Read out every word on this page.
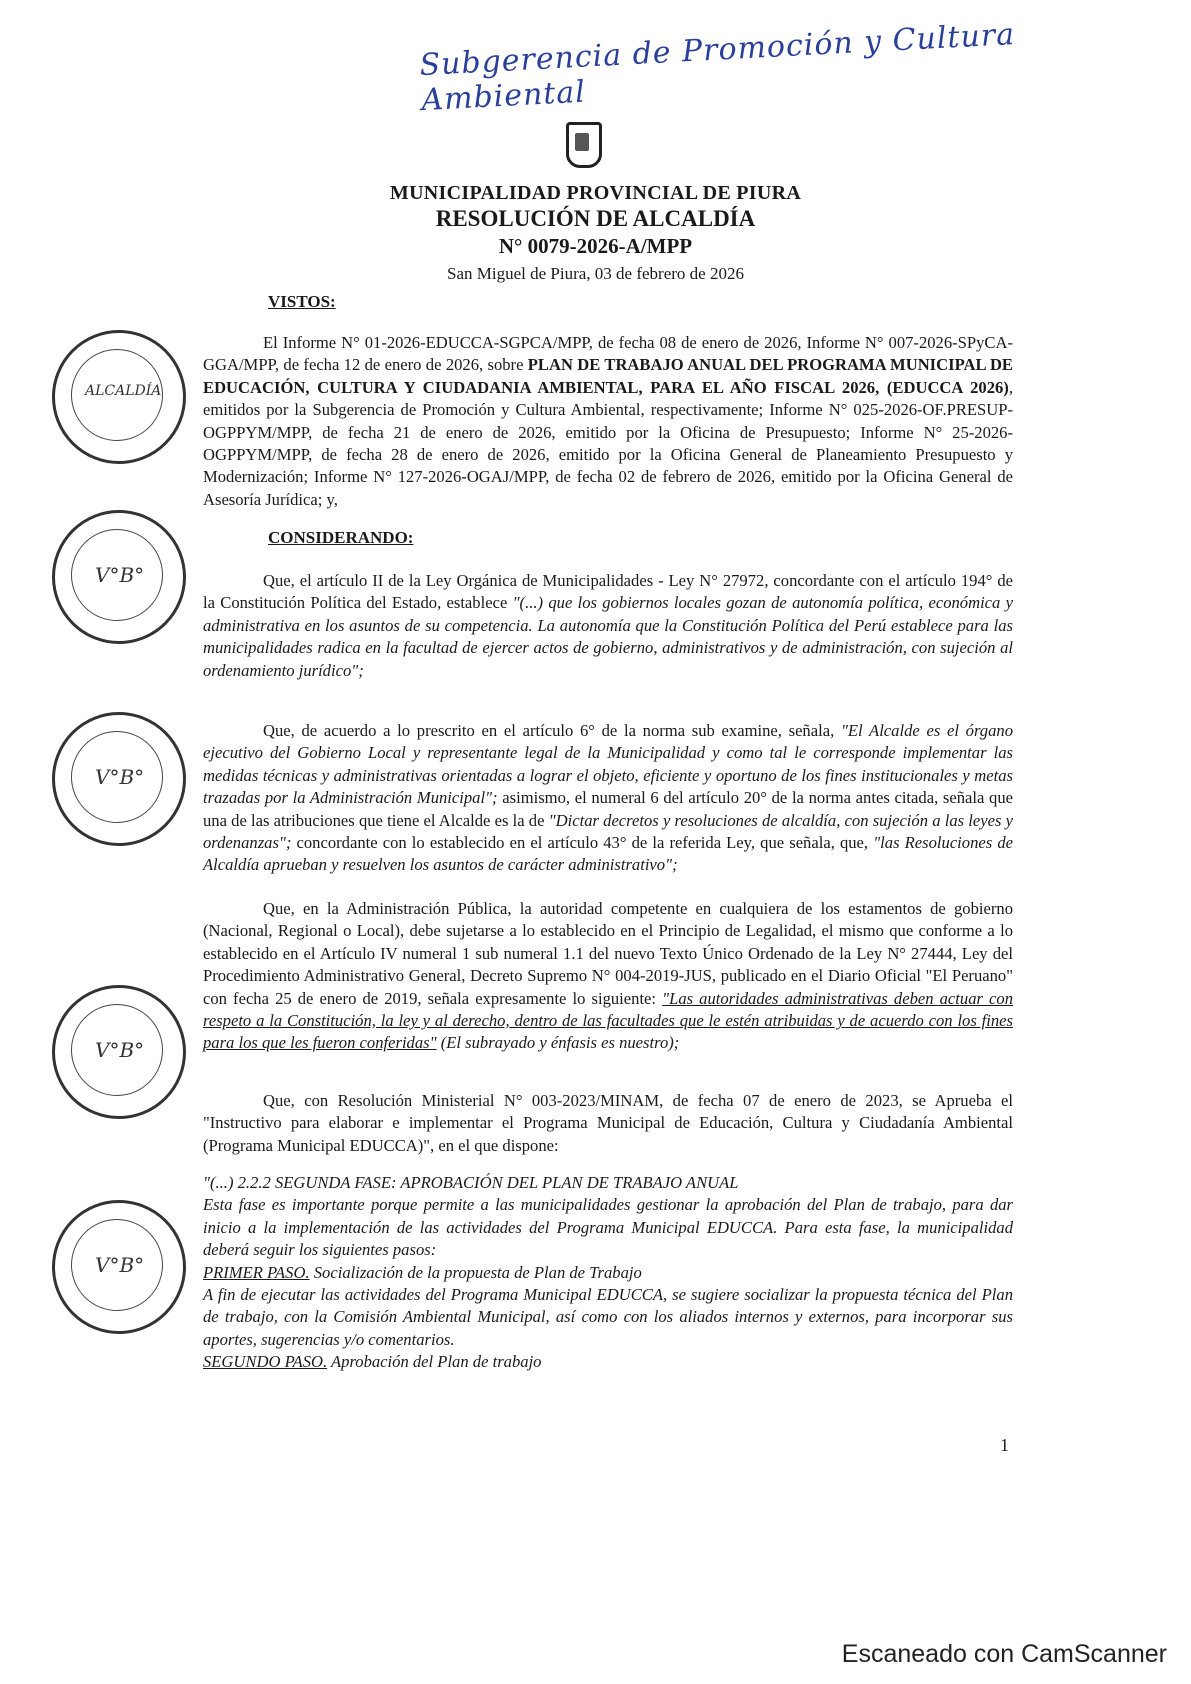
Subgerencia de Promoción y Cultura Ambiental
MUNICIPALIDAD PROVINCIAL DE PIURA
RESOLUCIÓN DE ALCALDÍA
N° 0079-2026-A/MPP
San Miguel de Piura, 03 de febrero de 2026
VISTOS:
El Informe N° 01-2026-EDUCCA-SGPCA/MPP, de fecha 08 de enero de 2026, Informe N° 007-2026-SPyCA-GGA/MPP, de fecha 12 de enero de 2026, sobre PLAN DE TRABAJO ANUAL DEL PROGRAMA MUNICIPAL DE EDUCACIÓN, CULTURA Y CIUDADANIA AMBIENTAL, PARA EL AÑO FISCAL 2026, (EDUCCA 2026), emitidos por la Subgerencia de Promoción y Cultura Ambiental, respectivamente; Informe N° 025-2026-OF.PRESUP-OGPPYM/MPP, de fecha 21 de enero de 2026, emitido por la Oficina de Presupuesto; Informe N° 25-2026-OGPPYM/MPP, de fecha 28 de enero de 2026, emitido por la Oficina General de Planeamiento Presupuesto y Modernización; Informe N° 127-2026-OGAJ/MPP, de fecha 02 de febrero de 2026, emitido por la Oficina General de Asesoría Jurídica; y,
CONSIDERANDO:
Que, el artículo II de la Ley Orgánica de Municipalidades - Ley N° 27972, concordante con el artículo 194° de la Constitución Política del Estado, establece "(...) que los gobiernos locales gozan de autonomía política, económica y administrativa en los asuntos de su competencia. La autonomía que la Constitución Política del Perú establece para las municipalidades radica en la facultad de ejercer actos de gobierno, administrativos y de administración, con sujeción al ordenamiento jurídico";
Que, de acuerdo a lo prescrito en el artículo 6° de la norma sub examine, señala, "El Alcalde es el órgano ejecutivo del Gobierno Local y representante legal de la Municipalidad y como tal le corresponde implementar las medidas técnicas y administrativas orientadas a lograr el objeto, eficiente y oportuno de los fines institucionales y metas trazadas por la Administración Municipal"; asimismo, el numeral 6 del artículo 20° de la norma antes citada, señala que una de las atribuciones que tiene el Alcalde es la de "Dictar decretos y resoluciones de alcaldía, con sujeción a las leyes y ordenanzas"; concordante con lo establecido en el artículo 43° de la referida Ley, que señala, que, "las Resoluciones de Alcaldía aprueban y resuelven los asuntos de carácter administrativo";
Que, en la Administración Pública, la autoridad competente en cualquiera de los estamentos de gobierno (Nacional, Regional o Local), debe sujetarse a lo establecido en el Principio de Legalidad, el mismo que conforme a lo establecido en el Artículo IV numeral 1 sub numeral 1.1 del nuevo Texto Único Ordenado de la Ley N° 27444, Ley del Procedimiento Administrativo General, Decreto Supremo N° 004-2019-JUS, publicado en el Diario Oficial "El Peruano" con fecha 25 de enero de 2019, señala expresamente lo siguiente: "Las autoridades administrativas deben actuar con respeto a la Constitución, la ley y al derecho, dentro de las facultades que le estén atribuidas y de acuerdo con los fines para los que les fueron conferidas" (El subrayado y énfasis es nuestro);
Que, con Resolución Ministerial N° 003-2023/MINAM, de fecha 07 de enero de 2023, se Aprueba el "Instructivo para elaborar e implementar el Programa Municipal de Educación, Cultura y Ciudadanía Ambiental (Programa Municipal EDUCCA)", en el que dispone:
"(...) 2.2.2 SEGUNDA FASE: APROBACIÓN DEL PLAN DE TRABAJO ANUAL
Esta fase es importante porque permite a las municipalidades gestionar la aprobación del Plan de trabajo, para dar inicio a la implementación de las actividades del Programa Municipal EDUCCA. Para esta fase, la municipalidad deberá seguir los siguientes pasos:
PRIMER PASO. Socialización de la propuesta de Plan de Trabajo
A fin de ejecutar las actividades del Programa Municipal EDUCCA, se sugiere socializar la propuesta técnica del Plan de trabajo, con la Comisión Ambiental Municipal, así como con los aliados internos y externos, para incorporar sus aportes, sugerencias y/o comentarios.
SEGUNDO PASO. Aprobación del Plan de trabajo
ALCALDÍA
V°B°
V°B°
V°B°
V°B°
1
Escaneado con CamScanner
